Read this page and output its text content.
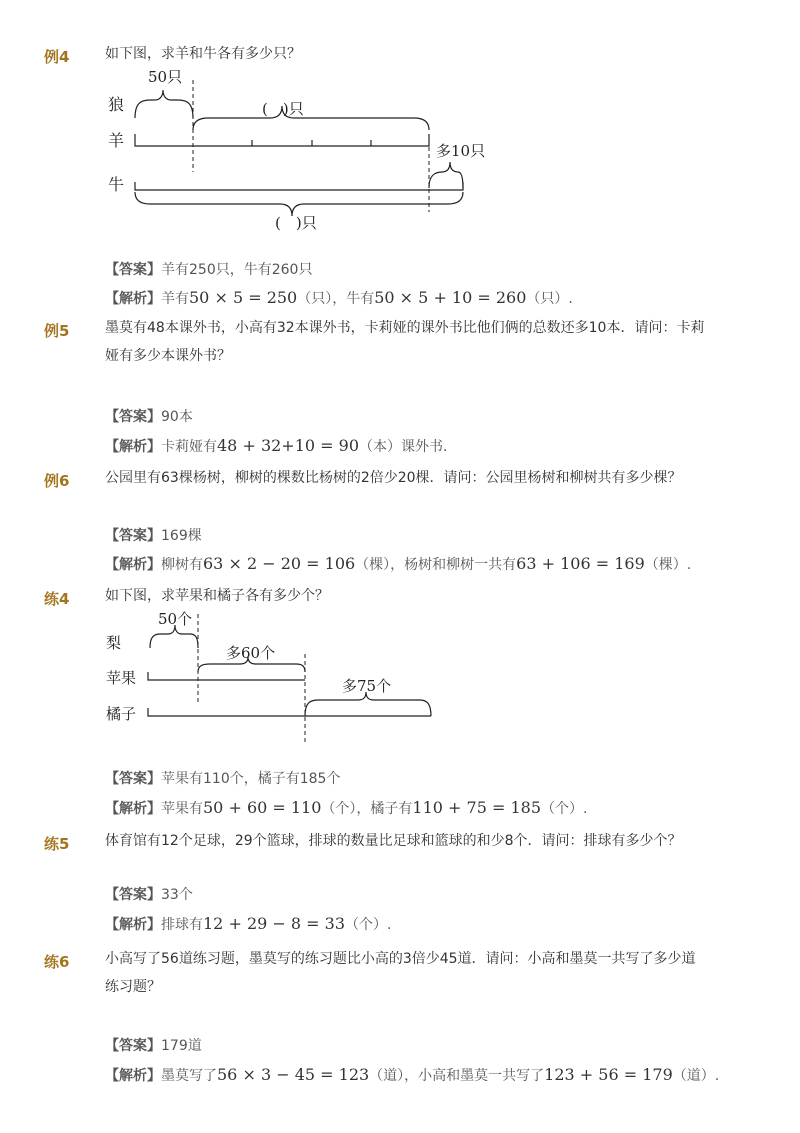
例4	如下图，求羊和牛各有多少只？
狼
羊
牛
50只
(　)只
多10只
(　)只
【答案】羊有250只，牛有260只
【解析】羊有50 × 5 = 250（只），牛有50 × 5 + 10 = 260（只）.
例5	墨莫有48本课外书，小高有32本课外书，卡莉娅的课外书比他们俩的总数还多10本．请问：卡莉娅有多少本课外书？
【答案】90本
【解析】卡莉娅有48 + 32+10 = 90（本）课外书．
例6	公园里有63棵杨树，柳树的棵数比杨树的2倍少20棵．请问：公园里杨树和柳树共有多少棵？
【答案】169棵
【解析】柳树有63 × 2 − 20 = 106（棵），杨树和柳树一共有63 + 106 = 169（棵）.
练4	如下图，求苹果和橘子各有多少个？
梨
苹果
橘子
50个
多60个
多75个
【答案】苹果有110个，橘子有185个
【解析】苹果有50 + 60 = 110（个），橘子有110 + 75 = 185（个）.
练5	体育馆有12个足球，29个篮球，排球的数量比足球和篮球的和少8个．请问：排球有多少个？
【答案】33个
【解析】排球有12 + 29 − 8 = 33（个）.
练6	小高写了56道练习题，墨莫写的练习题比小高的3倍少45道．请问：小高和墨莫一共写了多少道练习题？
【答案】179道
【解析】墨莫写了56 × 3 − 45 = 123（道），小高和墨莫一共写了123 + 56 = 179（道）.
